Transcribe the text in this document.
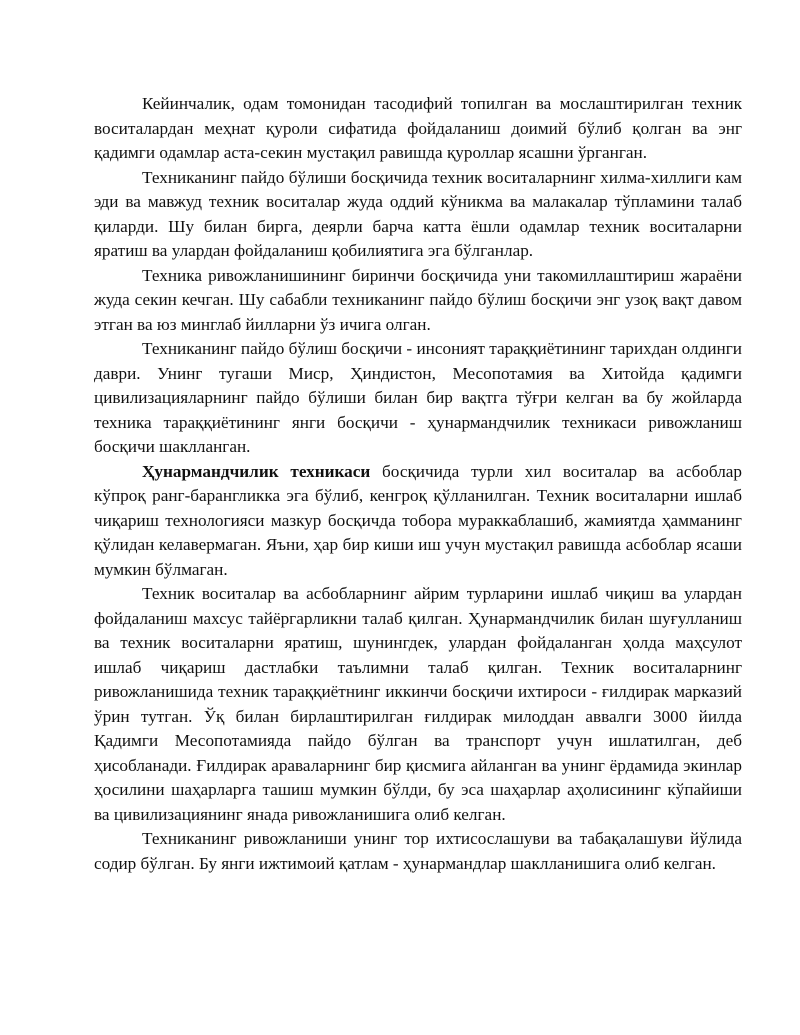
Кейинчалик, одам томонидан тасодифий топилган ва мослаштирилган техник воситалардан меҳнат қуроли сифатида фойдаланиш доимий бўлиб қолган ва энг қадимги одамлар аста-секин мустақил равишда қуроллар ясашни ўрганган.

Техниканинг пайдо бўлиши босқичида техник воситаларнинг хилма-хиллиги кам эди ва мавжуд техник воситалар жуда оддий кўникма ва малакалар тўпламини талаб қиларди. Шу билан бирга, деярли барча катта ёшли одамлар техник воситаларни яратиш ва улардан фойдаланиш қобилиятига эга бўлганлар.

Техника ривожланишининг биринчи босқичида уни такомиллаштириш жараёни жуда секин кечган. Шу сабабли техниканинг пайдо бўлиш босқичи энг узоқ вақт давом этган ва юз минглаб йилларни ўз ичига олган.

Техниканинг пайдо бўлиш босқичи - инсоният тараққиётининг тарихдан олдинги даври. Унинг тугаши Миср, Ҳиндистон, Месопотамия ва Хитойда қадимги цивилизацияларнинг пайдо бўлиши билан бир вақтга тўғри келган ва бу жойларда техника тараққиётининг янги босқичи - ҳунармандчилик техникаси ривожланиш босқичи шаклланган.

Ҳунармандчилик техникаси босқичида турли хил воситалар ва асбоблар кўпроқ ранг-барангликка эга бўлиб, кенгроқ қўлланилган. Техник воситаларни ишлаб чиқариш технологияси мазкур босқичда тобора мураккаблашиб, жамиятда ҳамманинг қўлидан келавермаган. Яъни, ҳар бир киши иш учун мустақил равишда асбоблар ясаши мумкин бўлмаган.

Техник воситалар ва асбобларнинг айрим турларини ишлаб чиқиш ва улардан фойдаланиш махсус тайёргарликни талаб қилган. Ҳунармандчилик билан шуғулланиш ва техник воситаларни яратиш, шунингдек, улардан фойдаланган ҳолда маҳсулот ишлаб чиқариш дастлабки таълимни талаб қилган. Техник воситаларнинг ривожланишида техник тараққиётнинг иккинчи босқичи ихтироси - ғилдирак марказий ўрин тутган. Ўқ билан бирлаштирилган ғилдирак милоддан аввалги 3000 йилда Қадимги Месопотамияда пайдо бўлган ва транспорт учун ишлатилган, деб ҳисобланади. Ғилдирак араваларнинг бир қисмига айланган ва унинг ёрдамида экинлар ҳосилини шаҳарларга ташиш мумкин бўлди, бу эса шаҳарлар аҳолисининг кўпайиши ва цивилизациянинг янада ривожланишига олиб келган.

Техниканинг ривожланиши унинг тор ихтисослашуви ва табақалашуви йўлида содир бўлган. Бу янги ижтимоий қатлам - ҳунармандлар шаклланишига олиб келган.
